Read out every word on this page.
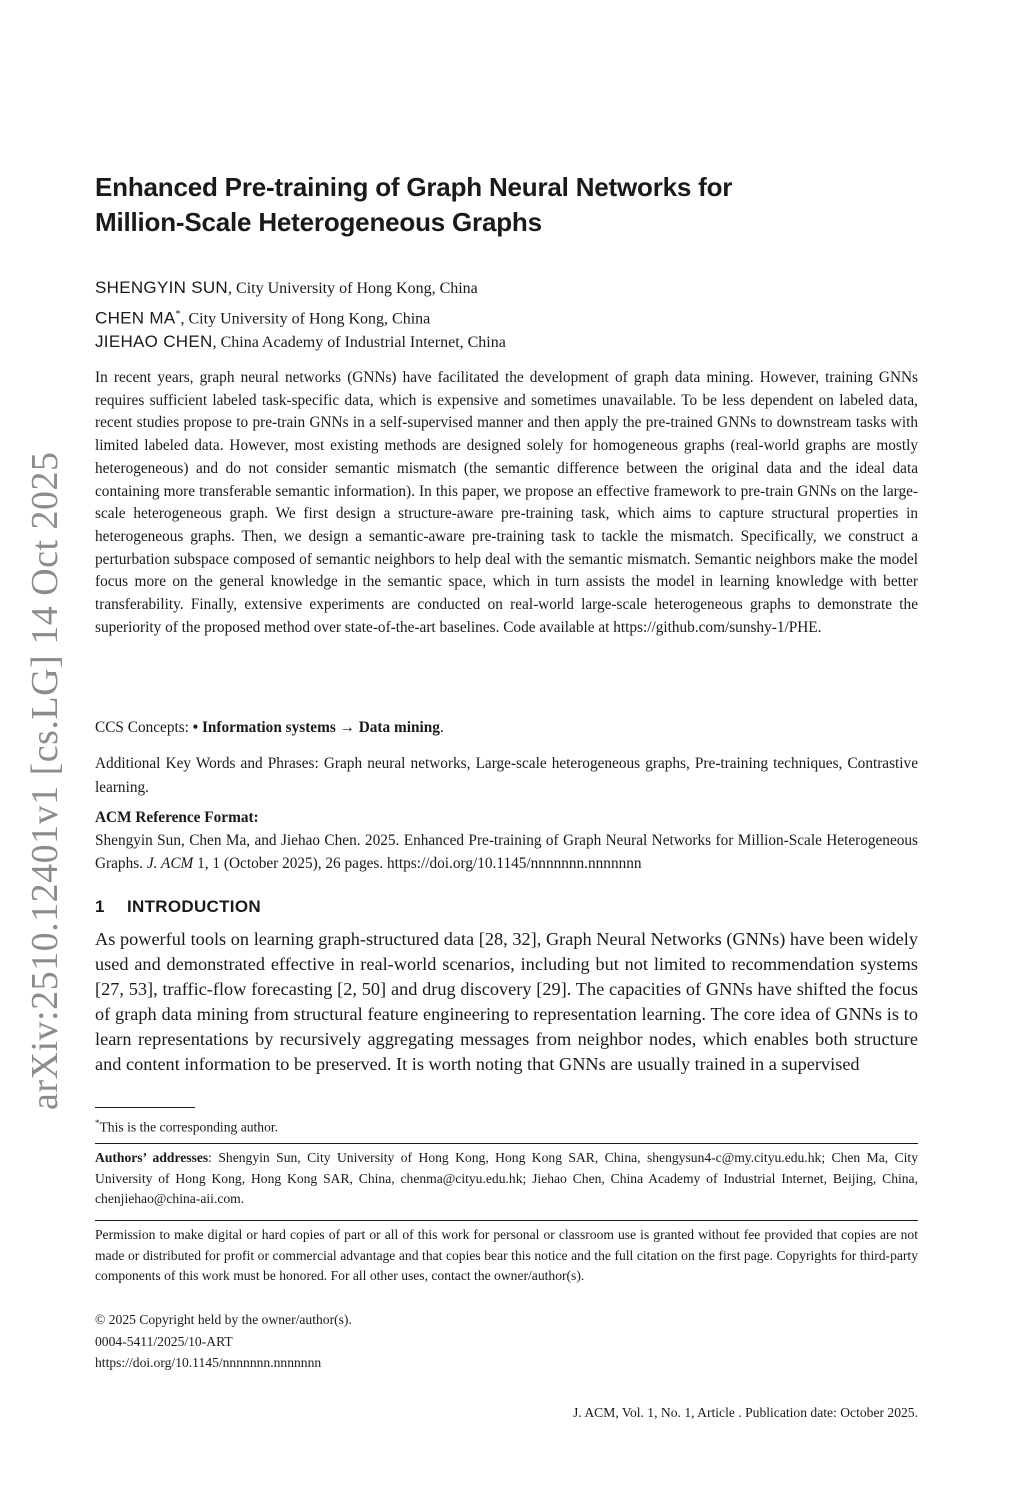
arXiv:2510.12401v1 [cs.LG] 14 Oct 2025
Enhanced Pre-training of Graph Neural Networks for
Million-Scale Heterogeneous Graphs
SHENGYIN SUN, City University of Hong Kong, China
CHEN MA*, City University of Hong Kong, China
JIEHAO CHEN, China Academy of Industrial Internet, China

In recent years, graph neural networks (GNNs) have facilitated the development of graph data mining. However, training GNNs requires sufficient labeled task-specific data, which is expensive and sometimes unavailable. To be less dependent on labeled data, recent studies propose to pre-train GNNs in a self-supervised manner and then apply the pre-trained GNNs to downstream tasks with limited labeled data. However, most existing methods are designed solely for homogeneous graphs (real-world graphs are mostly heterogeneous) and do not consider semantic mismatch (the semantic difference between the original data and the ideal data containing more transferable semantic information). In this paper, we propose an effective framework to pre-train GNNs on the large-scale heterogeneous graph. We first design a structure-aware pre-training task, which aims to capture structural properties in heterogeneous graphs. Then, we design a semantic-aware pre-training task to tackle the mismatch. Specifically, we construct a perturbation subspace composed of semantic neighbors to help deal with the semantic mismatch. Semantic neighbors make the model focus more on the general knowledge in the semantic space, which in turn assists the model in learning knowledge with better transferability. Finally, extensive experiments are conducted on real-world large-scale heterogeneous graphs to demonstrate the superiority of the proposed method over state-of-the-art baselines. Code available at https://github.com/sunshy-1/PHE.

CCS Concepts: • Information systems → Data mining.

Additional Key Words and Phrases: Graph neural networks, Large-scale heterogeneous graphs, Pre-training techniques, Contrastive learning.

ACM Reference Format:

Shengyin Sun, Chen Ma, and Jiehao Chen. 2025. Enhanced Pre-training of Graph Neural Networks for Million-Scale Heterogeneous Graphs. J. ACM 1, 1 (October 2025), 26 pages. https://doi.org/10.1145/nnnnnnn.nnnnnnn

1 INTRODUCTION

As powerful tools on learning graph-structured data [28, 32], Graph Neural Networks (GNNs) have been widely used and demonstrated effective in real-world scenarios, including but not limited to recommendation systems [27, 53], traffic-flow forecasting [2, 50] and drug discovery [29]. The capacities of GNNs have shifted the focus of graph data mining from structural feature engineering to representation learning. The core idea of GNNs is to learn representations by recursively aggregating messages from neighbor nodes, which enables both structure and content information to be preserved. It is worth noting that GNNs are usually trained in a supervised

*This is the corresponding author.

Authors’ addresses: Shengyin Sun, City University of Hong Kong, Hong Kong SAR, China, shengysun4-c@my.cityu.edu.hk; Chen Ma, City University of Hong Kong, Hong Kong SAR, China, chenma@cityu.edu.hk; Jiehao Chen, China Academy of Industrial Internet, Beijing, China, chenjiehao@china-aii.com.

Permission to make digital or hard copies of part or all of this work for personal or classroom use is granted without fee provided that copies are not made or distributed for profit or commercial advantage and that copies bear this notice and the full citation on the first page. Copyrights for third-party components of this work must be honored. For all other uses, contact the owner/author(s).

© 2025 Copyright held by the owner/author(s).

0004-5411/2025/10-ART

https://doi.org/10.1145/nnnnnnn.nnnnnnn

J. ACM, Vol. 1, No. 1, Article . Publication date: October 2025.
